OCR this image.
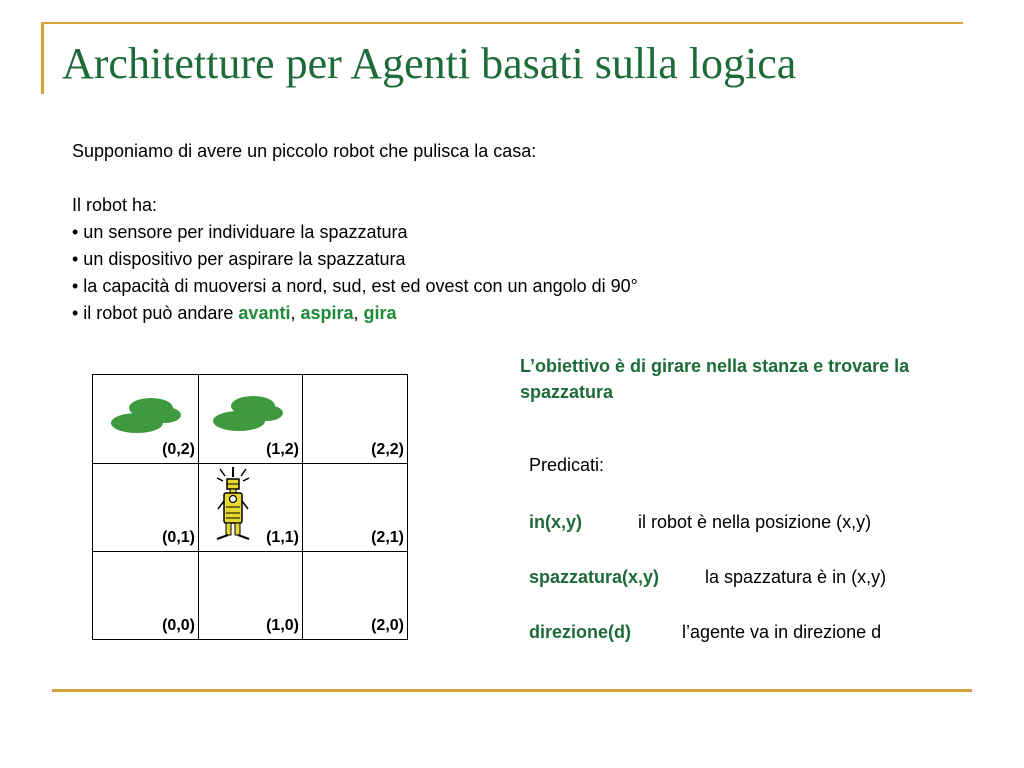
Architetture per Agenti basati sulla logica

Supponiamo di avere un piccolo robot che pulisca la casa:

Il robot ha:

• un sensore per individuare la spazzatura

• un dispositivo per aspirare la spazzatura

• la capacità di muoversi a nord, sud, est ed ovest con un angolo di 90°

• il robot può andare avanti, aspira, gira

L’obiettivo è di girare nella stanza e trovare la spazzatura
Predicati:
in(x,y)	il robot è nella posizione (x,y)
spazzatura(x,y)	la spazzatura è in (x,y)
direzione(d)	l’agente va in direzione d
(0,2)	(1,2)	(2,2)
(0,1)	(1,1)	(2,1)
(0,0)	(1,0)	(2,0)
